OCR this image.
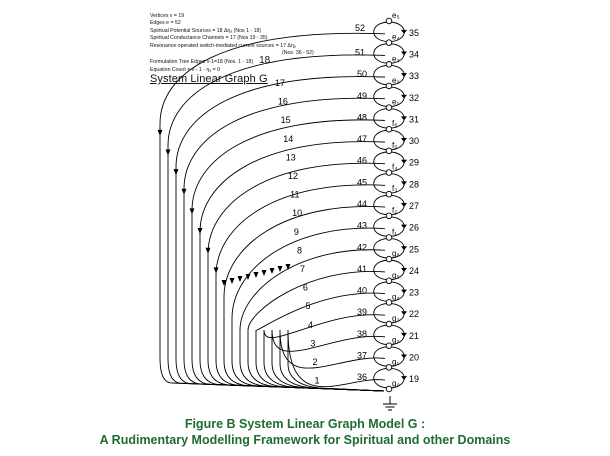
17
16
15
14
13
12
11
10
9
8
7
6
5
4
3
2
1
35
52
34
51
33
50
32
49
31
48
30
47
29
46
28
45
27
44
26
43
25
42
24
41
23
40
22
39
21
38
20
37
19
36
e₅
e₄
e₃
e₂
e₁
f₆
f₅
f₄
f₃
f₂
f₁
g₆
g₅
g₄
g₃
g₂
g₁
g₀
Vertices v = 19
Edges e = 52
Spiritual Potential Sources = 18 Δηₐ (Nos 1 - 18)
Spiritual Conductance Channels = 17 (Nos 19 - 35)
Resonance operated switch-mediated current sources = 17 Δηₐ
(Nos. 36 - 52)
Formulation Tree Edges v-1=18 (Nos. 1 - 18) 18
Equation Count = v - 1 - ηₐ = 0
System Linear Graph G
Figure B System Linear Graph Model G :
A Rudimentary Modelling Framework for Spiritual and other Domains
